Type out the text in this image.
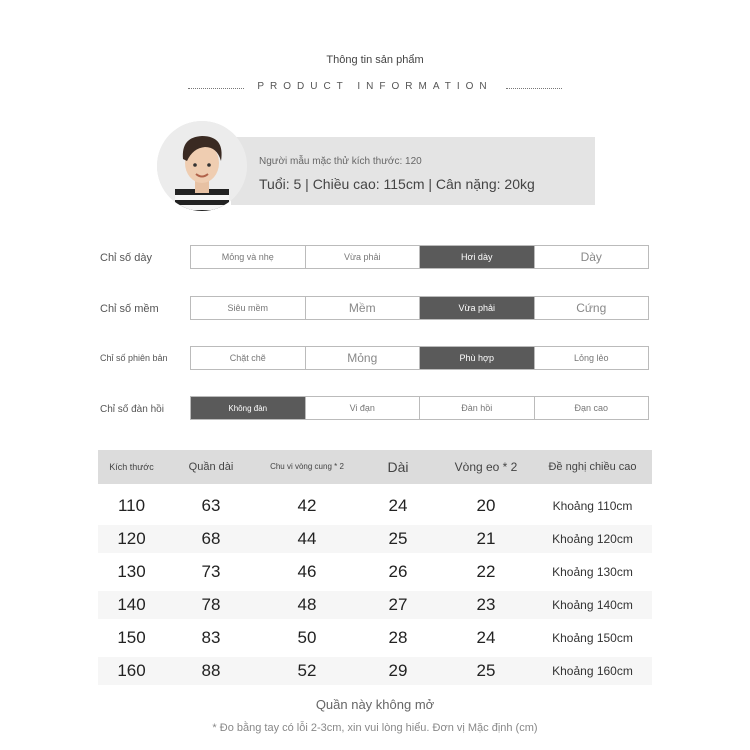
Thông tin sản phẩm
PRODUCT INFORMATION
Người mẫu mặc thử kích thước: 120
Tuổi: 5 | Chiều cao: 115cm | Cân nặng: 20kg
Chỉ số dày	Mỏng và nhẹ	Vừa phải	Hơi dày	Dày
Chỉ số mềm	Siêu mềm	Mềm	Vừa phải	Cứng
Chỉ số phiên bản	Chặt chẽ	Mỏng	Phù hợp	Lỏng lẻo
Chỉ số đàn hồi	Không đàn	Vi đạn	Đàn hồi	Đạn cao
Kích thước	Quần dài	Chu vi vòng cung * 2	Dài	Vòng eo * 2	Đề nghị chiều cao
110	63	42	24	20	Khoảng 110cm
120	68	44	25	21	Khoảng 120cm
130	73	46	26	22	Khoảng 130cm
140	78	48	27	23	Khoảng 140cm
150	83	50	28	24	Khoảng 150cm
160	88	52	29	25	Khoảng 160cm
Quần này không mở
* Đo bằng tay có lỗi 2-3cm, xin vui lòng hiểu. Đơn vị Mặc định (cm)
